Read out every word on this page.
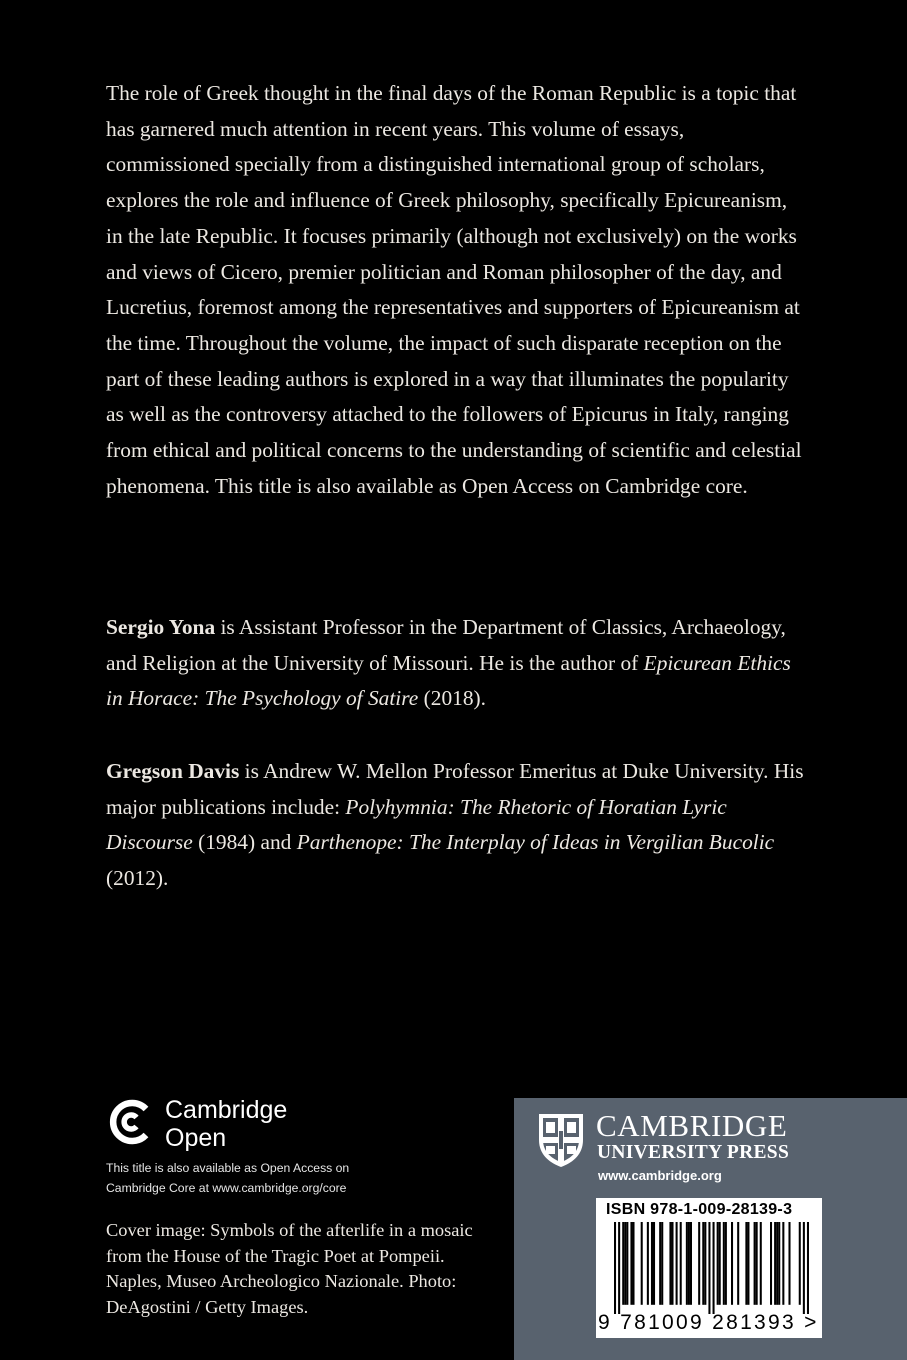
The role of Greek thought in the final days of the Roman Republic is a topic that has garnered much attention in recent years. This volume of essays, commissioned specially from a distinguished international group of scholars, explores the role and influence of Greek philosophy, specifically Epicureanism, in the late Republic. It focuses primarily (although not exclusively) on the works and views of Cicero, premier politician and Roman philosopher of the day, and Lucretius, foremost among the representatives and supporters of Epicureanism at the time. Throughout the volume, the impact of such disparate reception on the part of these leading authors is explored in a way that illuminates the popularity as well as the controversy attached to the followers of Epicurus in Italy, ranging from ethical and political concerns to the understanding of scientific and celestial phenomena. This title is also available as Open Access on Cambridge core.

Sergio Yona is Assistant Professor in the Department of Classics, Archaeology, and Religion at the University of Missouri. He is the author of Epicurean Ethics in Horace: The Psychology of Satire (2018).

Gregson Davis is Andrew W. Mellon Professor Emeritus at Duke University. His major publications include: Polyhymnia: The Rhetoric of Horatian Lyric Discourse (1984) and Parthenope: The Interplay of Ideas in Vergilian Bucolic (2012).

Cambridge
Open
This title is also available as Open Access on
Cambridge Core at www.cambridge.org/core

Cover image: Symbols of the afterlife in a mosaic from the House of the Tragic Poet at Pompeii. Naples, Museo Archeologico Nazionale. Photo: DeAgostini / Getty Images.

CAMBRIDGE
UNIVERSITY PRESS
www.cambridge.org
ISBN 978-1-009-28139-3
9 781009 281393 >
